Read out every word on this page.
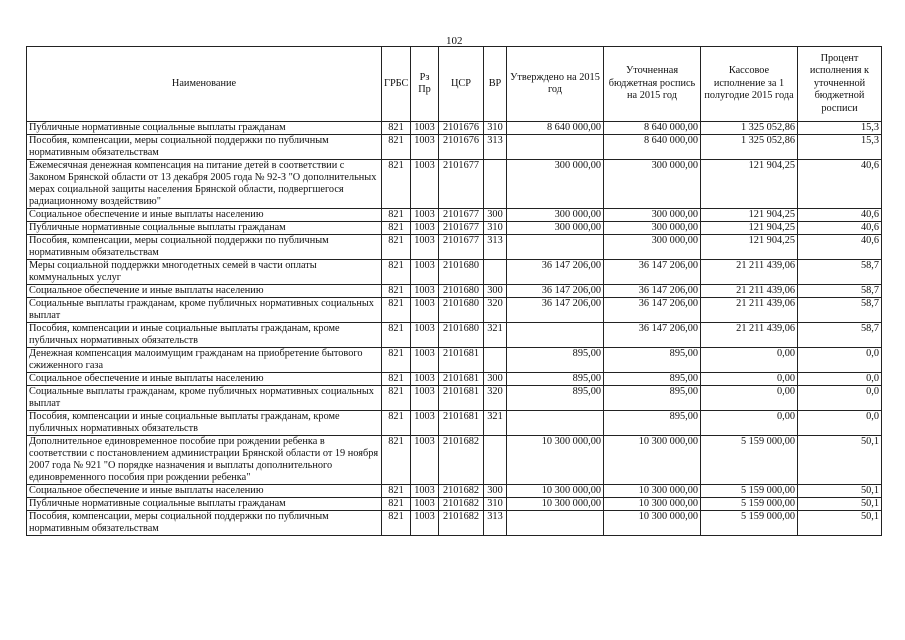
102
Наименование	ГРБС	Рз Пр	ЦСР	ВР	Утверждено на 2015 год	Уточненная бюджетная роспись на 2015 год	Кассовое исполнение за 1 полугодие 2015 года	Процент исполнения к уточненной бюджетной росписи
Публичные нормативные социальные выплаты гражданам	821	1003	2101676	310	8 640 000,00	8 640 000,00	1 325 052,86	15,3
Пособия, компенсации, меры социальной поддержки по публичным нормативным обязательствам	821	1003	2101676	313		8 640 000,00	1 325 052,86	15,3
Ежемесячная денежная компенсация на питание детей в соответствии с Законом Брянской области от 13 декабря 2005 года № 92-З "О дополнительных мерах социальной защиты населения Брянской области, подвергшегося радиационному воздействию"	821	1003	2101677		300 000,00	300 000,00	121 904,25	40,6
Социальное обеспечение и иные выплаты населению	821	1003	2101677	300	300 000,00	300 000,00	121 904,25	40,6
Публичные нормативные социальные выплаты гражданам	821	1003	2101677	310	300 000,00	300 000,00	121 904,25	40,6
Пособия, компенсации, меры социальной поддержки по публичным нормативным обязательствам	821	1003	2101677	313		300 000,00	121 904,25	40,6
Меры социальной поддержки многодетных семей в части оплаты коммунальных услуг	821	1003	2101680		36 147 206,00	36 147 206,00	21 211 439,06	58,7
Социальное обеспечение и иные выплаты населению	821	1003	2101680	300	36 147 206,00	36 147 206,00	21 211 439,06	58,7
Социальные выплаты гражданам, кроме публичных нормативных социальных выплат	821	1003	2101680	320	36 147 206,00	36 147 206,00	21 211 439,06	58,7
Пособия, компенсации и иные социальные выплаты гражданам, кроме публичных нормативных обязательств	821	1003	2101680	321		36 147 206,00	21 211 439,06	58,7
Денежная компенсация малоимущим гражданам на приобретение бытового сжиженного газа	821	1003	2101681		895,00	895,00	0,00	0,0
Социальное обеспечение и иные выплаты населению	821	1003	2101681	300	895,00	895,00	0,00	0,0
Социальные выплаты гражданам, кроме публичных нормативных социальных выплат	821	1003	2101681	320	895,00	895,00	0,00	0,0
Пособия, компенсации и иные социальные выплаты гражданам, кроме публичных нормативных обязательств	821	1003	2101681	321		895,00	0,00	0,0
Дополнительное единовременное пособие при рождении ребенка в соответствии с постановлением администрации Брянской области от 19 ноября 2007 года № 921 "О порядке назначения и выплаты дополнительного единовременного пособия при рождении ребенка"	821	1003	2101682		10 300 000,00	10 300 000,00	5 159 000,00	50,1
Социальное обеспечение и иные выплаты населению	821	1003	2101682	300	10 300 000,00	10 300 000,00	5 159 000,00	50,1
Публичные нормативные социальные выплаты гражданам	821	1003	2101682	310	10 300 000,00	10 300 000,00	5 159 000,00	50,1
Пособия, компенсации, меры социальной поддержки по публичным нормативным обязательствам	821	1003	2101682	313		10 300 000,00	5 159 000,00	50,1
